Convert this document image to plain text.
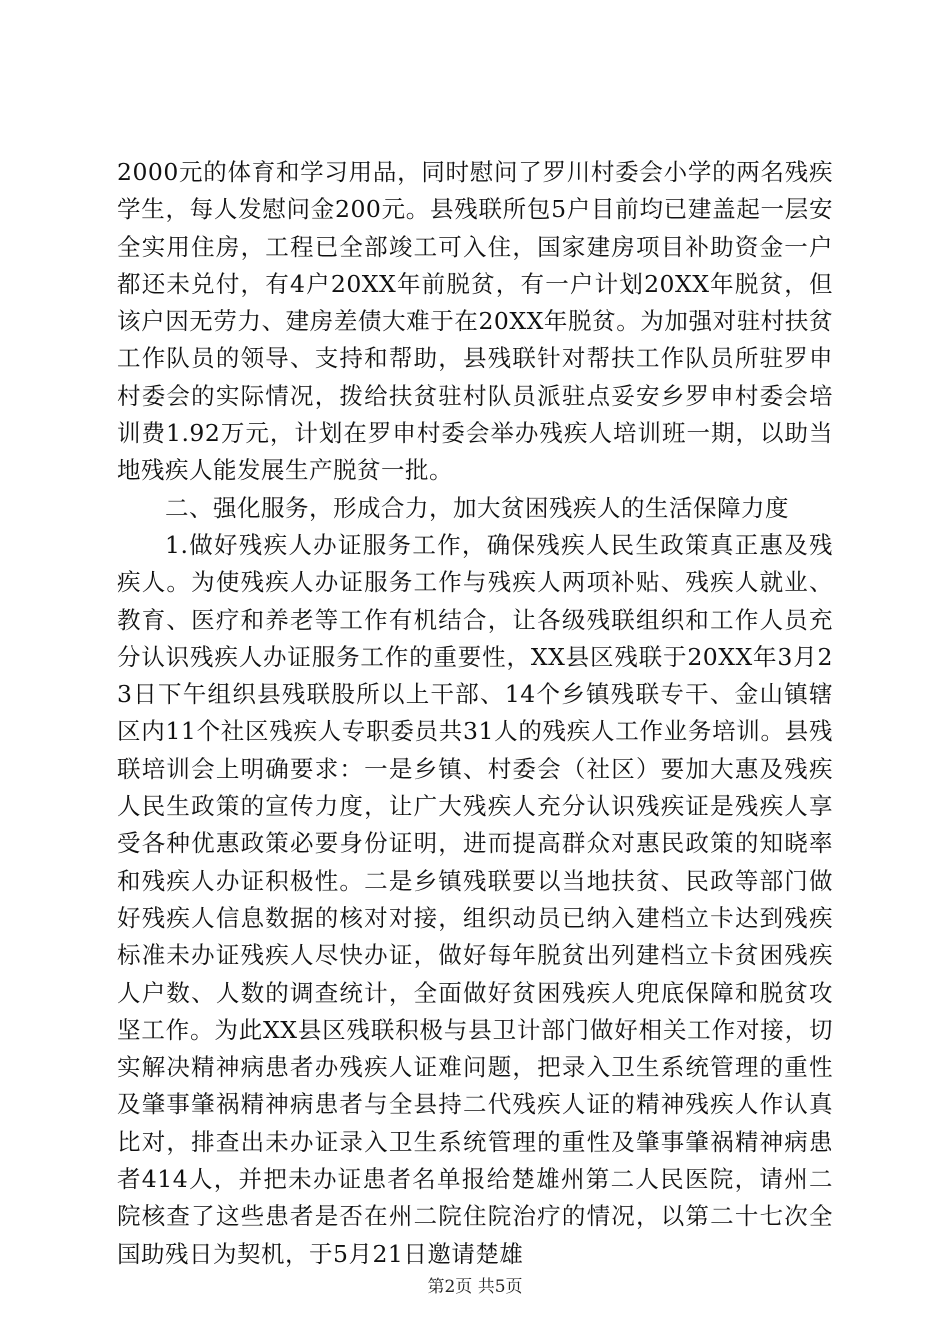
2000元的体育和学习用品，同时慰问了罗川村委会小学的两名残疾学生，每人发慰问金200元。县残联所包5户目前均已建盖起一层安全实用住房，工程已全部竣工可入住，国家建房项目补助资金一户都还未兑付，有4户20XX年前脱贫，有一户计划20XX年脱贫，但该户因无劳力、建房差债大难于在20XX年脱贫。为加强对驻村扶贫工作队员的领导、支持和帮助，县残联针对帮扶工作队员所驻罗申村委会的实际情况，拨给扶贫驻村队员派驻点妥安乡罗申村委会培训费1.92万元，计划在罗申村委会举办残疾人培训班一期，以助当地残疾人能发展生产脱贫一批。

二、强化服务，形成合力，加大贫困残疾人的生活保障力度

1.做好残疾人办证服务工作，确保残疾人民生政策真正惠及残疾人。为使残疾人办证服务工作与残疾人两项补贴、残疾人就业、教育、医疗和养老等工作有机结合，让各级残联组织和工作人员充分认识残疾人办证服务工作的重要性，XX县区残联于20XX年3月23日下午组织县残联股所以上干部、14个乡镇残联专干、金山镇辖区内11个社区残疾人专职委员共31人的残疾人工作业务培训。县残联培训会上明确要求：一是乡镇、村委会（社区）要加大惠及残疾人民生政策的宣传力度，让广大残疾人充分认识残疾证是残疾人享受各种优惠政策必要身份证明，进而提高群众对惠民政策的知晓率和残疾人办证积极性。二是乡镇残联要以当地扶贫、民政等部门做好残疾人信息数据的核对对接，组织动员已纳入建档立卡达到残疾标准未办证残疾人尽快办证，做好每年脱贫出列建档立卡贫困残疾人户数、人数的调查统计，全面做好贫困残疾人兜底保障和脱贫攻坚工作。为此XX县区残联积极与县卫计部门做好相关工作对接，切实解决精神病患者办残疾人证难问题，把录入卫生系统管理的重性及肇事肇祸精神病患者与全县持二代残疾人证的精神残疾人作认真比对，排查出未办证录入卫生系统管理的重性及肇事肇祸精神病患者414人，并把未办证患者名单报给楚雄州第二人民医院，请州二院核查了这些患者是否在州二院住院治疗的情况，以第二十七次全国助残日为契机，于5月21日邀请楚雄

第2页 共5页
